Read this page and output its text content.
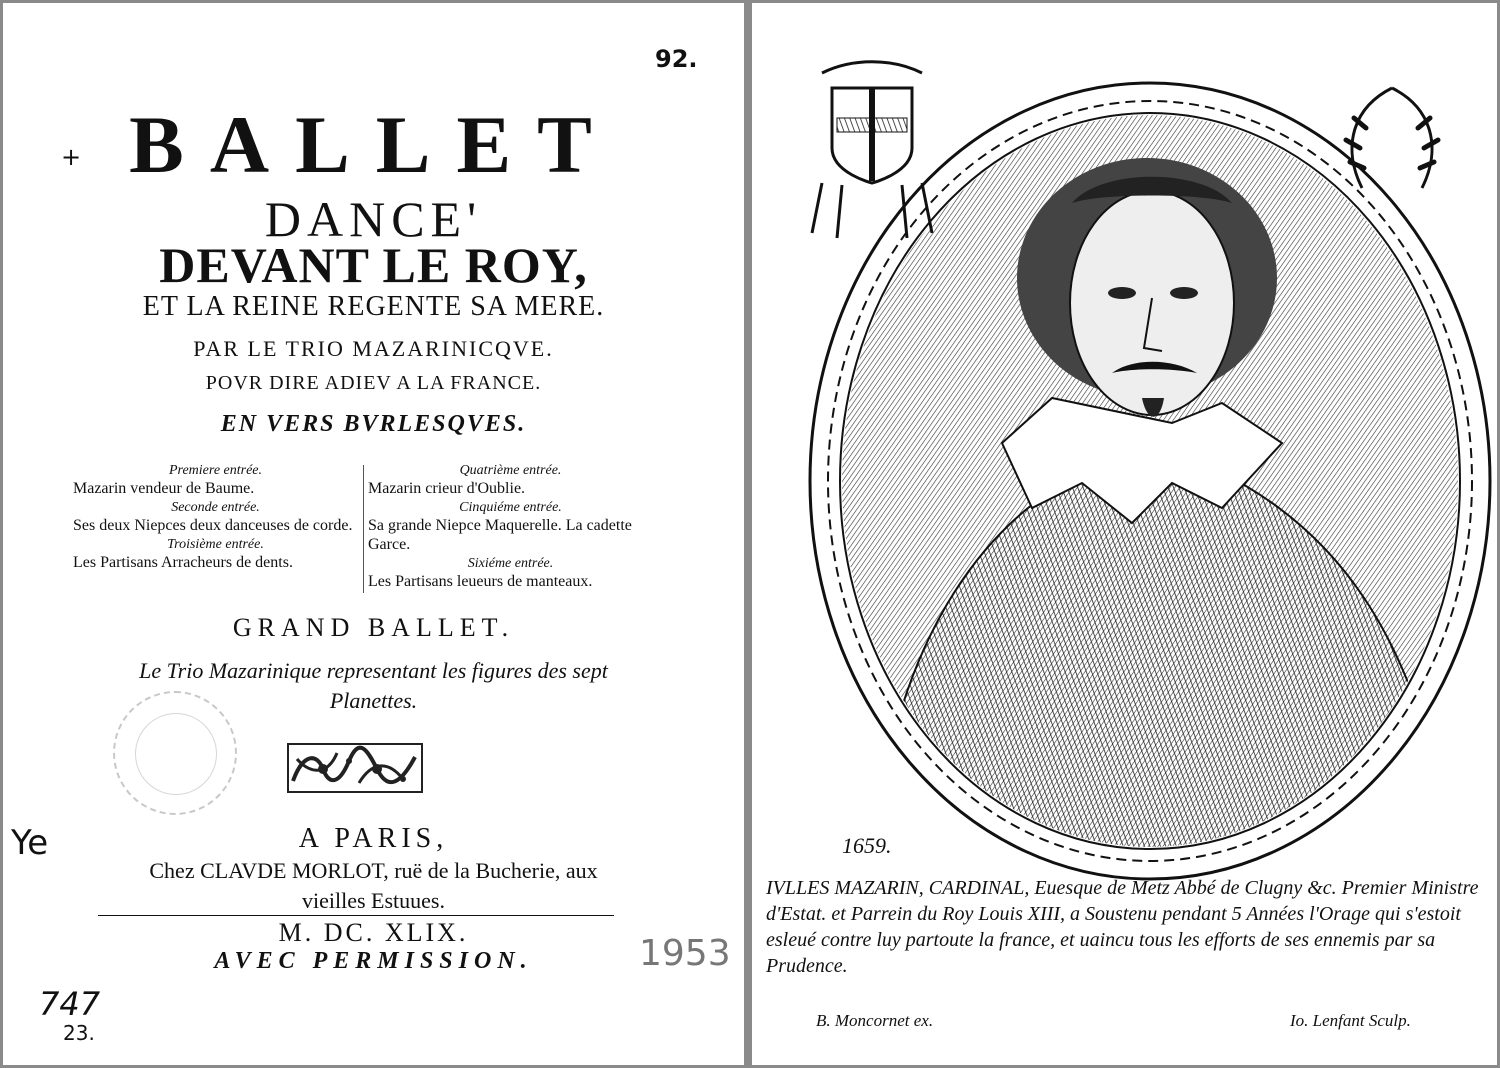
+
92.
BALLET
DANCE'
DEVANT LE ROY,
ET LA REINE REGENTE SA MERE.
PAR LE TRIO MAZARINICQVE.
POVR DIRE ADIEV A LA FRANCE.
EN VERS BVRLESQVES.
Premiere entrée.
Mazarin vendeur de Baume.
Seconde entrée.
Ses deux Niepces deux danceuses de corde.
Troisième entrée.
Les Partisans Arracheurs de dents.
Quatrième entrée.
Mazarin crieur d'Oublie.
Cinquiéme entrée.
Sa grande Niepce Maquerelle. La cadette Garce.
Sixiéme entrée.
Les Partisans leueurs de manteaux.
GRAND BALLET.
Le Trio Mazarinique representant les figures des sept Planettes.
Ye	A PARIS,
Chez CLAVDE MORLOT, ruë de la Bucherie, aux vieilles Estuues.
M. DC. XLIX.
AVEC PERMISSION.
747
23.
1953
1659.
IVLLES MAZARIN, CARDINAL, Euesque de Metz Abbé de Clugny &c. Premier Ministre d'Estat. et Parrein du Roy Louis XIII, a Soustenu pendant 5 Années l'Orage qui s'estoit esleué contre luy partoute la france, et uaincu tous les efforts de ses ennemis par sa Prudence.
B. Moncornet ex.	Io. Lenfant Sculp.
